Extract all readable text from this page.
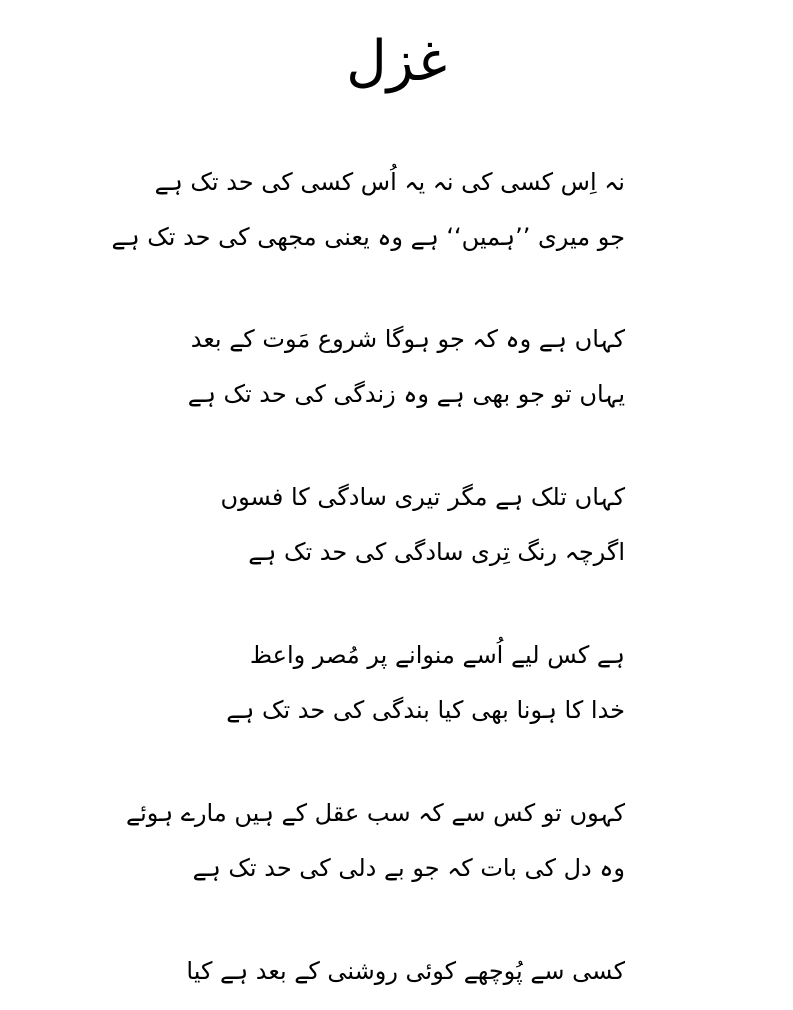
غزل
نہ اِس کسی کی نہ یہ اُس کسی کی حد تک ہے
جو میری ’’ہمیں‘‘ ہے وہ یعنی مجھی کی حد تک ہے
کہاں ہے وہ کہ جو ہوگا شروع مَوت کے بعد
یہاں تو جو بھی ہے وہ زندگی کی حد تک ہے
کہاں تلک ہے مگر تیری سادگی کا فسوں
اگرچہ رنگ تِری سادگی کی حد تک ہے
ہے کس لیے اُسے منوانے پر مُصر واعظ
خدا کا ہونا بھی کیا بندگی کی حد تک ہے
کہوں تو کس سے کہ سب عقل کے ہیں مارے ہوئے
وہ دل کی بات کہ جو بے دلی کی حد تک ہے
کسی سے پُوچھے کوئی روشنی کے بعد ہے کیا
